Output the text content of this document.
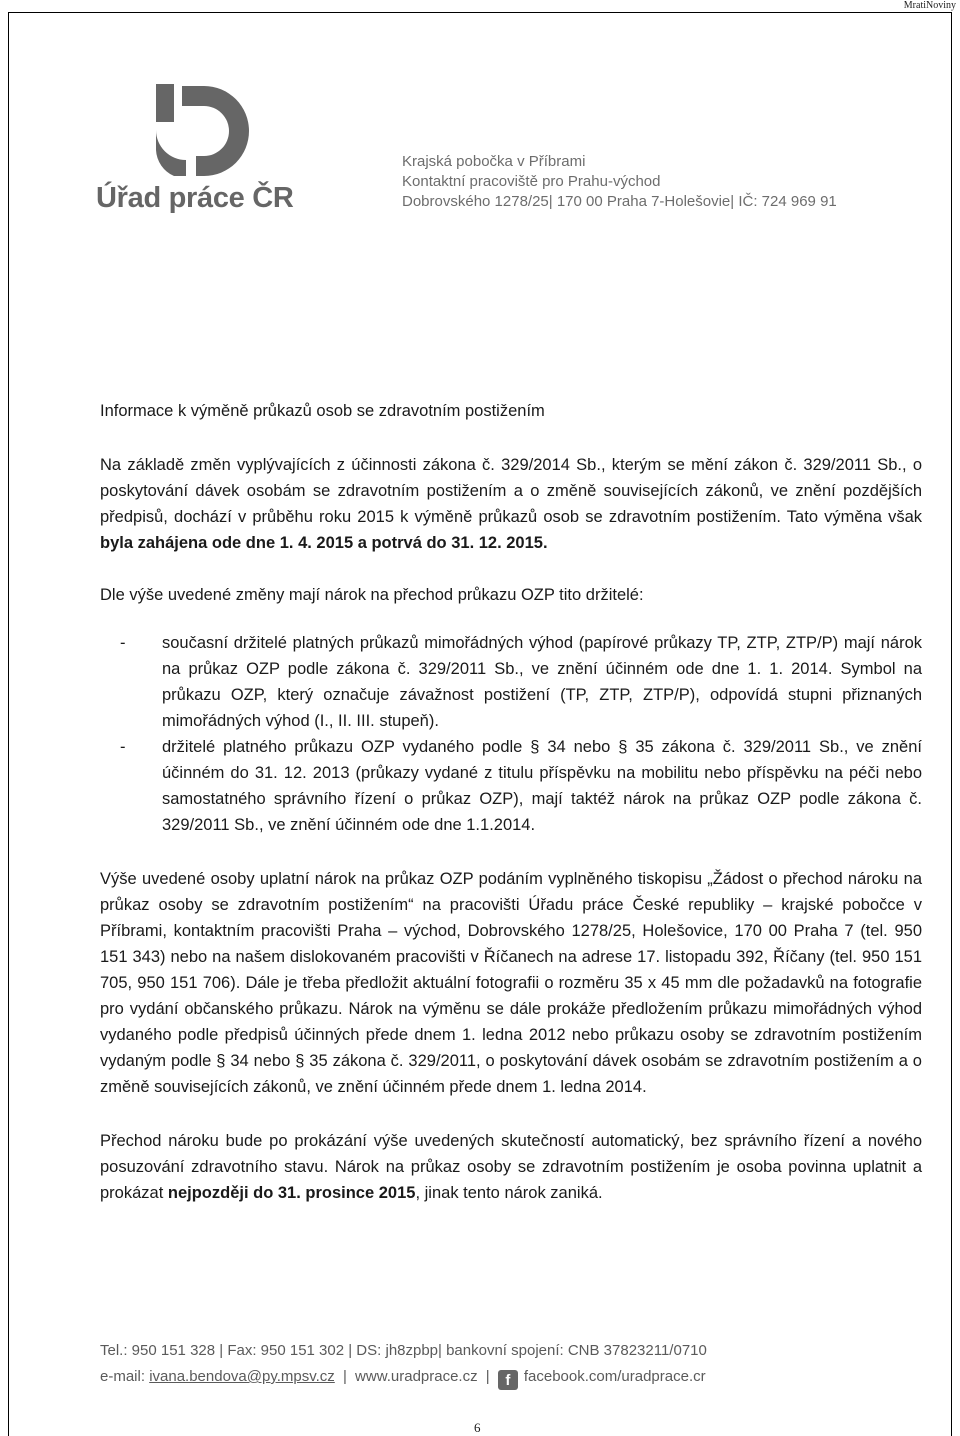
MratiNoviny
Úřad práce ČR
Krajská pobočka v Příbrami
Kontaktní pracoviště pro Prahu-východ
Dobrovského 1278/25| 170 00 Praha 7-Holešovie| IČ: 724 969 91
Informace k výměně průkazů osob se zdravotním postižením
Na základě změn vyplývajících z účinnosti zákona č. 329/2014 Sb., kterým se mění zákon č. 329/2011 Sb., o poskytování dávek osobám se zdravotním postižením a o změně souvisejících zákonů, ve znění pozdějších předpisů, dochází v průběhu roku 2015 k výměně průkazů osob se zdravotním postižením. Tato výměna však byla zahájena ode dne 1. 4. 2015 a potrvá do 31. 12. 2015.
Dle výše uvedené změny mají nárok na přechod průkazu OZP tito držitelé:
- současní držitelé platných průkazů mimořádných výhod (papírové průkazy TP, ZTP, ZTP/P) mají nárok na průkaz OZP podle zákona č. 329/2011 Sb., ve znění účinném ode dne 1. 1. 2014. Symbol na průkazu OZP, který označuje závažnost postižení (TP, ZTP, ZTP/P), odpovídá stupni přiznaných mimořádných výhod (I., II. III. stupeň).
- držitelé platného průkazu OZP vydaného podle § 34 nebo § 35 zákona č. 329/2011 Sb., ve znění účinném do 31. 12. 2013 (průkazy vydané z titulu příspěvku na mobilitu nebo příspěvku na péči nebo samostatného správního řízení o průkaz OZP), mají taktéž nárok na průkaz OZP podle zákona č. 329/2011 Sb., ve znění účinném ode dne 1.1.2014.
Výše uvedené osoby uplatní nárok na průkaz OZP podáním vyplněného tiskopisu „Žádost o přechod nároku na průkaz osoby se zdravotním postižením“ na pracovišti Úřadu práce České republiky – krajské pobočce v Příbrami, kontaktním pracovišti Praha – východ, Dobrovského 1278/25, Holešovice, 170 00 Praha 7 (tel. 950 151 343) nebo na našem dislokovaném pracovišti v Říčanech na adrese 17. listopadu 392, Říčany (tel. 950 151 705, 950 151 706). Dále je třeba předložit aktuální fotografii o rozměru 35 x 45 mm dle požadavků na fotografie pro vydání občanského průkazu. Nárok na výměnu se dále prokáže předložením průkazu mimořádných výhod vydaného podle předpisů účinných přede dnem 1. ledna 2012 nebo průkazu osoby se zdravotním postižením vydaným podle § 34 nebo § 35 zákona č. 329/2011, o poskytování dávek osobám se zdravotním postižením a o změně souvisejících zákonů, ve znění účinném přede dnem 1. ledna 2014.
Přechod nároku bude po prokázání výše uvedených skutečností automatický, bez správního řízení a nového posuzování zdravotního stavu. Nárok na průkaz osoby se zdravotním postižením je osoba povinna uplatnit a prokázat nejpozději do 31. prosince 2015, jinak tento nárok zaniká.
Tel.: 950 151 328 | Fax: 950 151 302 | DS: jh8zpbp| bankovní spojení: CNB 37823211/0710
e-mail: ivana.bendova@py.mpsv.cz | www.uradprace.cz | f facebook.com/uradprace.cr
6
